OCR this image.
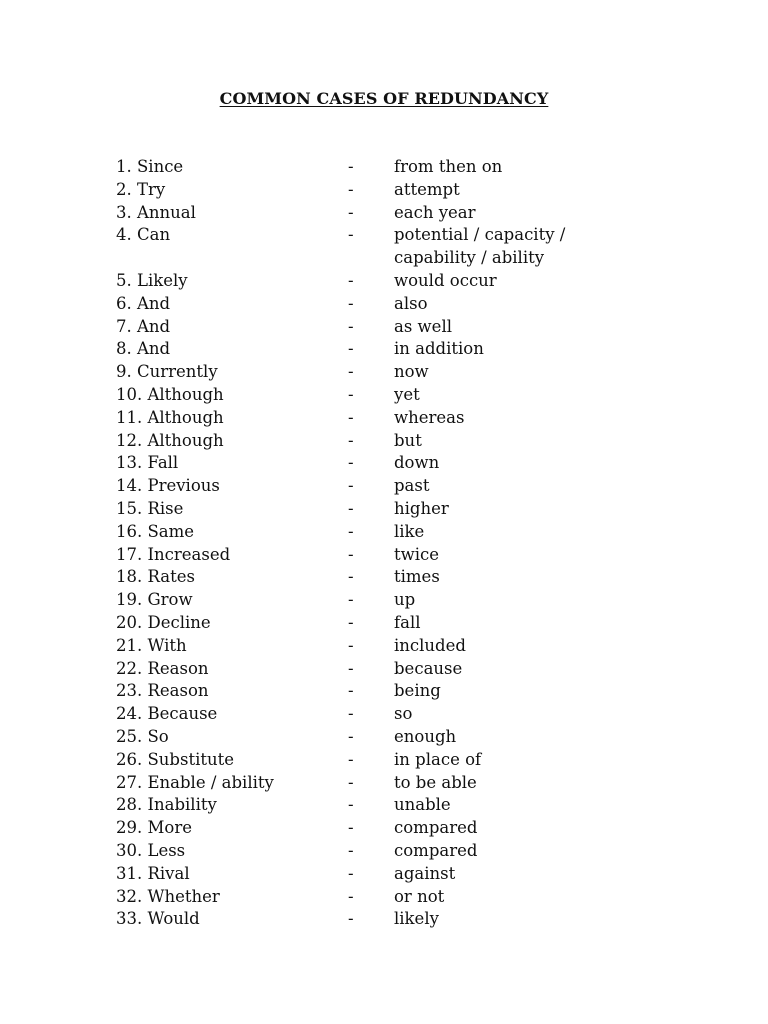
COMMON CASES OF REDUNDANCY
1. Since	- from then on
2. Try	- attempt
3. Annual	- each year
4. Can	- potential / capacity / capability / ability
5. Likely	- would occur
6. And	- also
7. And	- as well
8. And	- in addition
9. Currently	- now
10. Although	- yet
11. Although	- whereas
12. Although	- but
13. Fall	- down
14. Previous	- past
15. Rise	- higher
16. Same	- like
17. Increased	- twice
18. Rates	- times
19. Grow	- up
20. Decline	- fall
21. With	- included
22. Reason	- because
23. Reason	- being
24. Because	- so
25. So	- enough
26. Substitute	- in place of
27. Enable / ability	- to be able
28. Inability	- unable
29. More	- compared
30. Less	- compared
31. Rival	- against
32. Whether	- or not
33. Would	- likely
